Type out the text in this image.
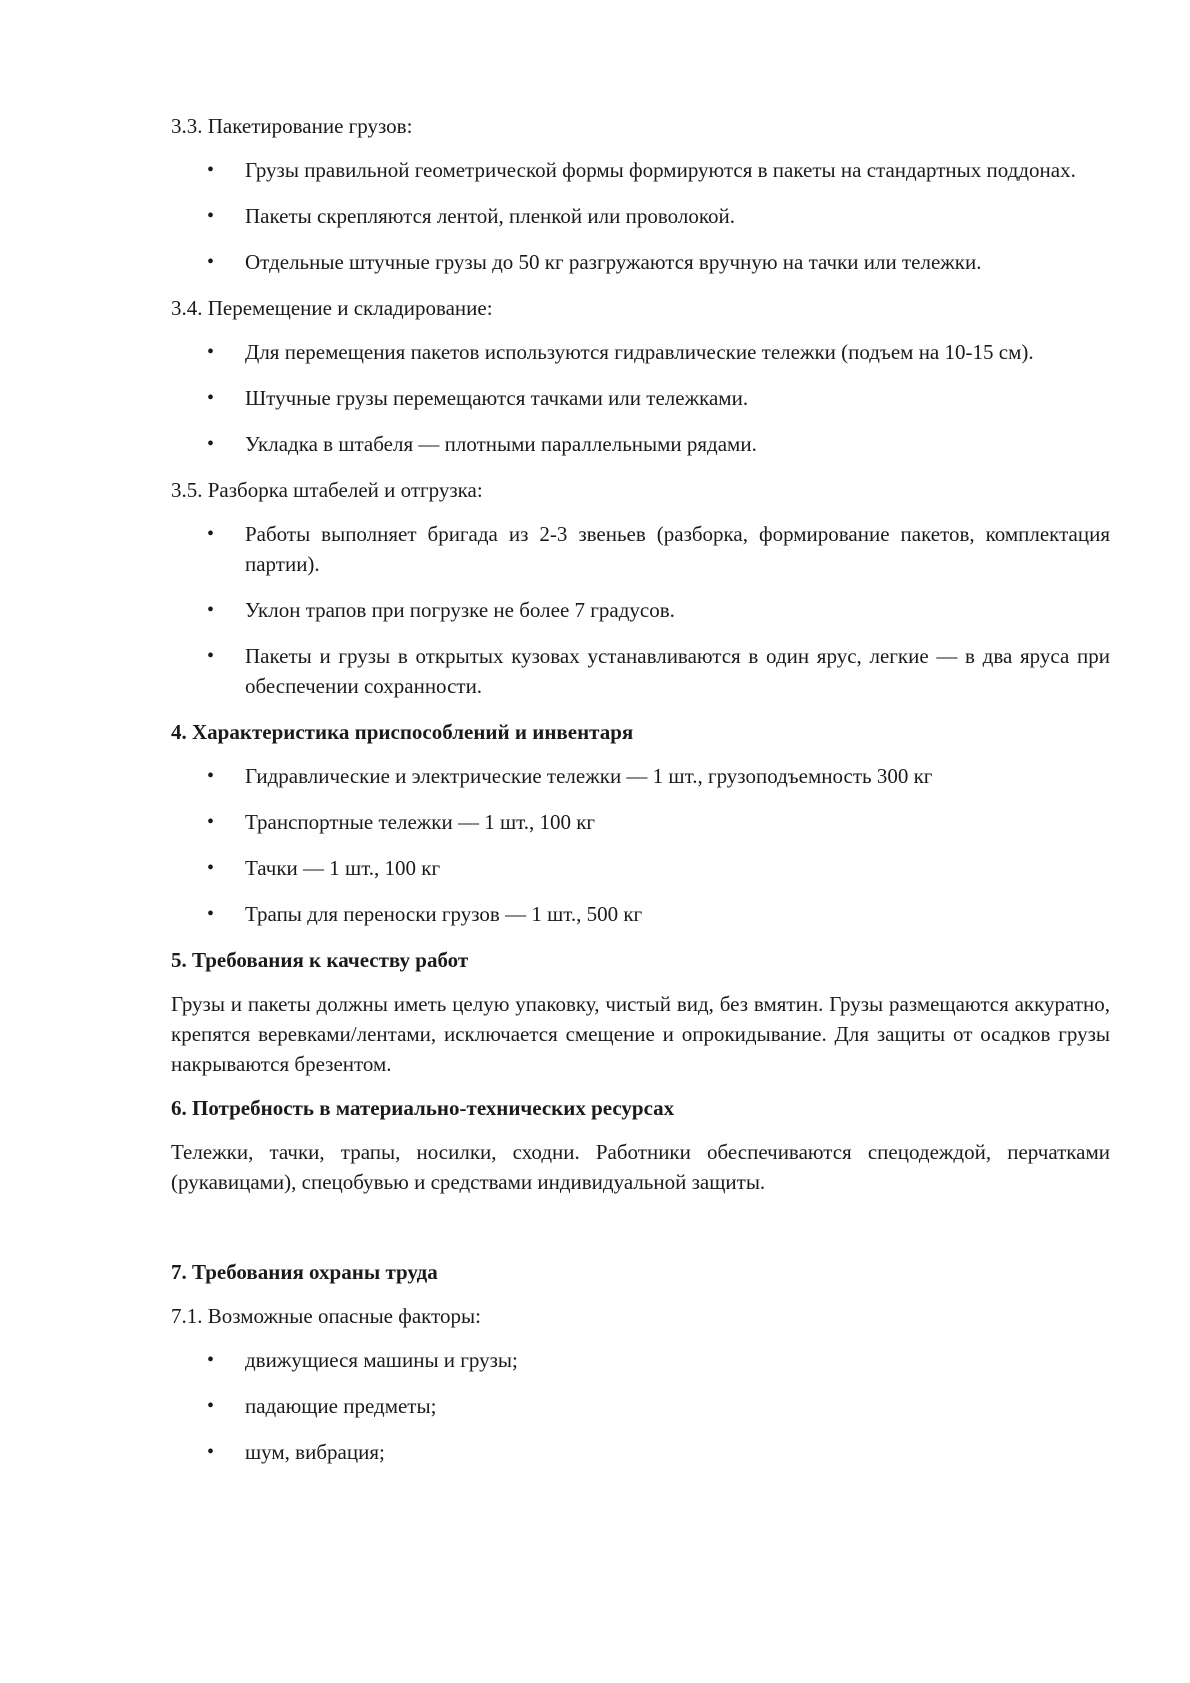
3.3. Пакетирование грузов:
• Грузы правильной геометрической формы формируются в пакеты на стандартных поддонах.
• Пакеты скрепляются лентой, пленкой или проволокой.
• Отдельные штучные грузы до 50 кг разгружаются вручную на тачки или тележки.
3.4. Перемещение и складирование:
• Для перемещения пакетов используются гидравлические тележки (подъем на 10-15 см).
• Штучные грузы перемещаются тачками или тележками.
• Укладка в штабеля — плотными параллельными рядами.
3.5. Разборка штабелей и отгрузка:
• Работы выполняет бригада из 2-3 звеньев (разборка, формирование пакетов, комплектация партии).
• Уклон трапов при погрузке не более 7 градусов.
• Пакеты и грузы в открытых кузовах устанавливаются в один ярус, легкие — в два яруса при обеспечении сохранности.
4. Характеристика приспособлений и инвентаря
• Гидравлические и электрические тележки — 1 шт., грузоподъемность 300 кг
• Транспортные тележки — 1 шт., 100 кг
• Тачки — 1 шт., 100 кг
• Трапы для переноски грузов — 1 шт., 500 кг
5. Требования к качеству работ
Грузы и пакеты должны иметь целую упаковку, чистый вид, без вмятин. Грузы размещаются аккуратно, крепятся веревками/лентами, исключается смещение и опрокидывание. Для защиты от осадков грузы накрываются брезентом.
6. Потребность в материально-технических ресурсах
Тележки, тачки, трапы, носилки, сходни. Работники обеспечиваются спецодеждой, перчатками (рукавицами), спецобувью и средствами индивидуальной защиты.
7. Требования охраны труда
7.1. Возможные опасные факторы:
• движущиеся машины и грузы;
• падающие предметы;
• шум, вибрация;
